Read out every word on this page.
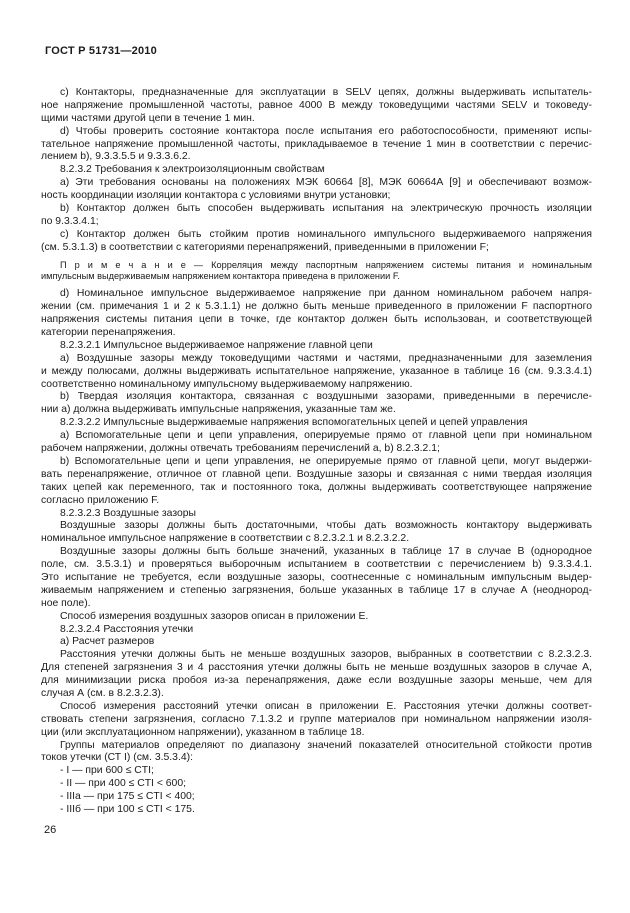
ГОСТ Р 51731—2010
c) Контакторы, предназначенные для эксплуатации в SELV цепях, должны выдерживать испытатель-
ное напряжение промышленной частоты, равное 4000 В между токоведущими частями SELV и токоведу-
щими частями другой цепи в течение 1 мин.
d) Чтобы проверить состояние контактора после испытания его работоспособности, применяют испы-
тательное напряжение промышленной частоты, прикладываемое в течение 1 мин в соответствии с перечис-
лением b), 9.3.3.5.5 и 9.3.3.6.2.
8.2.3.2 Требования к электроизоляционным свойствам
a) Эти требования основаны на положениях МЭК 60664 [8], МЭК 60664А [9] и обеспечивают возмож-
ность координации изоляции контактора с условиями внутри установки;
b) Контактор должен быть способен выдерживать испытания на электрическую прочность изоляции
по 9.3.3.4.1;
c) Контактор должен быть стойким против номинального импульсного выдерживаемого напряжения
(см. 5.3.1.3) в соответствии с категориями перенапряжений, приведенными в приложении F;
П р и м е ч а н и е — Корреляция между паспортным напряжением системы питания и номинальным
импульсным выдерживаемым напряжением контактора приведена в приложении F.
d) Номинальное импульсное выдерживаемое напряжение при данном номинальном рабочем напря-
жении (см. примечания 1 и 2 к 5.3.1.1) не должно быть меньше приведенного в приложении F паспортного
напряжения системы питания цепи в точке, где контактор должен быть использован, и соответствующей
категории перенапряжения.
8.2.3.2.1 Импульсное выдерживаемое напряжение главной цепи
a) Воздушные зазоры между токоведущими частями и частями, предназначенными для заземления
и между полюсами, должны выдерживать испытательное напряжение, указанное в таблице 16 (см. 9.3.3.4.1)
соответственно номинальному импульсному выдерживаемому напряжению.
b) Твердая изоляция контактора, связанная с воздушными зазорами, приведенными в перечисле-
нии a) должна выдерживать импульсные напряжения, указанные там же.
8.2.3.2.2 Импульсные выдерживаемые напряжения вспомогательных цепей и цепей управления
a) Вспомогательные цепи и цепи управления, оперируемые прямо от главной цепи при номинальном
рабочем напряжении, должны отвечать требованиям перечислений a, b) 8.2.3.2.1;
b) Вспомогательные цепи и цепи управления, не оперируемые прямо от главной цепи, могут выдержи-
вать перенапряжение, отличное от главной цепи. Воздушные зазоры и связанная с ними твердая изоляция
таких цепей как переменного, так и постоянного тока, должны выдерживать соответствующее напряжение
согласно приложению F.
8.2.3.2.3 Воздушные зазоры
Воздушные зазоры должны быть достаточными, чтобы дать возможность контактору выдерживать
номинальное импульсное напряжение в соответствии с 8.2.3.2.1 и 8.2.3.2.2.
Воздушные зазоры должны быть больше значений, указанных в таблице 17 в случае В (однородное
поле, см. 3.5.3.1) и проверяться выборочным испытанием в соответствии с перечислением b) 9.3.3.4.1.
Это испытание не требуется, если воздушные зазоры, соотнесенные с номинальным импульсным выдер-
живаемым напряжением и степенью загрязнения, больше указанных в таблице 17 в случае А (неоднород-
ное поле).
Способ измерения воздушных зазоров описан в приложении Е.
8.2.3.2.4 Расстояния утечки
a) Расчет размеров
Расстояния утечки должны быть не меньше воздушных зазоров, выбранных в соответствии с 8.2.3.2.3.
Для степеней загрязнения 3 и 4 расстояния утечки должны быть не меньше воздушных зазоров в случае А,
для минимизации риска пробоя из-за перенапряжения, даже если воздушные зазоры меньше, чем для
случая А (см. в 8.2.3.2.3).
Способ измерения расстояний утечки описан в приложении Е. Расстояния утечки должны соответ-
ствовать степени загрязнения, согласно 7.1.3.2 и группе материалов при номинальном напряжении изоля-
ции (или эксплуатационном напряжении), указанном в таблице 18.
Группы материалов определяют по диапазону значений показателей относительной стойкости против
токов утечки (СТ I) (см. 3.5.3.4):
- I — при 600 ≤ CTI;
- II — при 400 ≤ CTI < 600;
- IIIа — при 175 ≤ CTI < 400;
- IIIб — при 100 ≤ CTI < 175.
26
